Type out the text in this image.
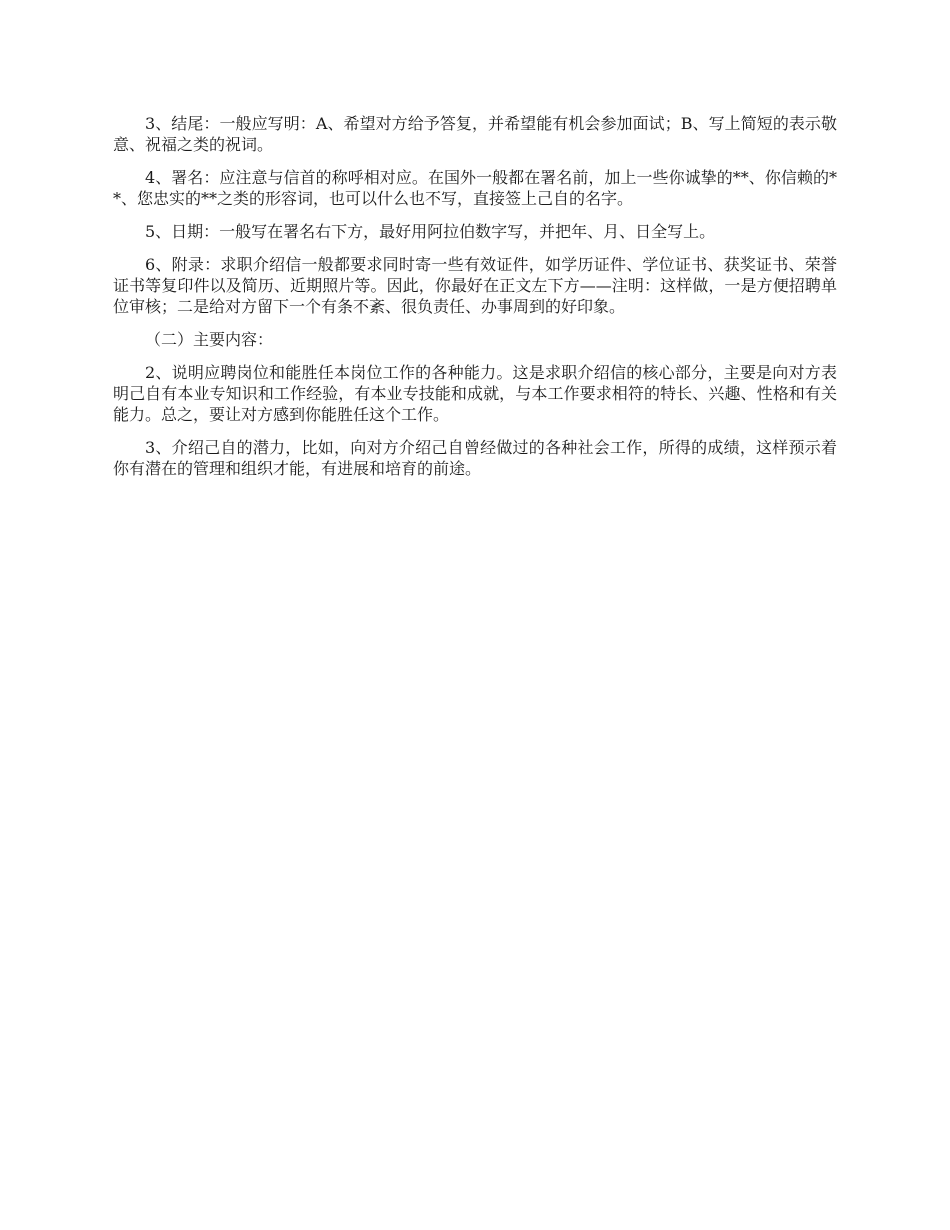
3、结尾：一般应写明：A、希望对方给予答复，并希望能有机会参加面试；B、写上简短的表示敬意、祝福之类的祝词。

4、署名：应注意与信首的称呼相对应。在国外一般都在署名前，加上一些你诚挚的**、你信赖的**、您忠实的**之类的形容词，也可以什么也不写，直接签上己自的名字。

5、日期：一般写在署名右下方，最好用阿拉伯数字写，并把年、月、日全写上。

6、附录：求职介绍信一般都要求同时寄一些有效证件，如学历证件、学位证书、获奖证书、荣誉证书等复印件以及简历、近期照片等。因此，你最好在正文左下方——注明：这样做，一是方便招聘单位审核；二是给对方留下一个有条不紊、很负责任、办事周到的好印象。

（二）主要内容：

2、说明应聘岗位和能胜任本岗位工作的各种能力。这是求职介绍信的核心部分，主要是向对方表明己自有本业专知识和工作经验，有本业专技能和成就，与本工作要求相符的特长、兴趣、性格和有关能力。总之，要让对方感到你能胜任这个工作。

3、介绍己自的潜力，比如，向对方介绍己自曾经做过的各种社会工作，所得的成绩，这样预示着你有潜在的管理和组织才能，有进展和培育的前途。
